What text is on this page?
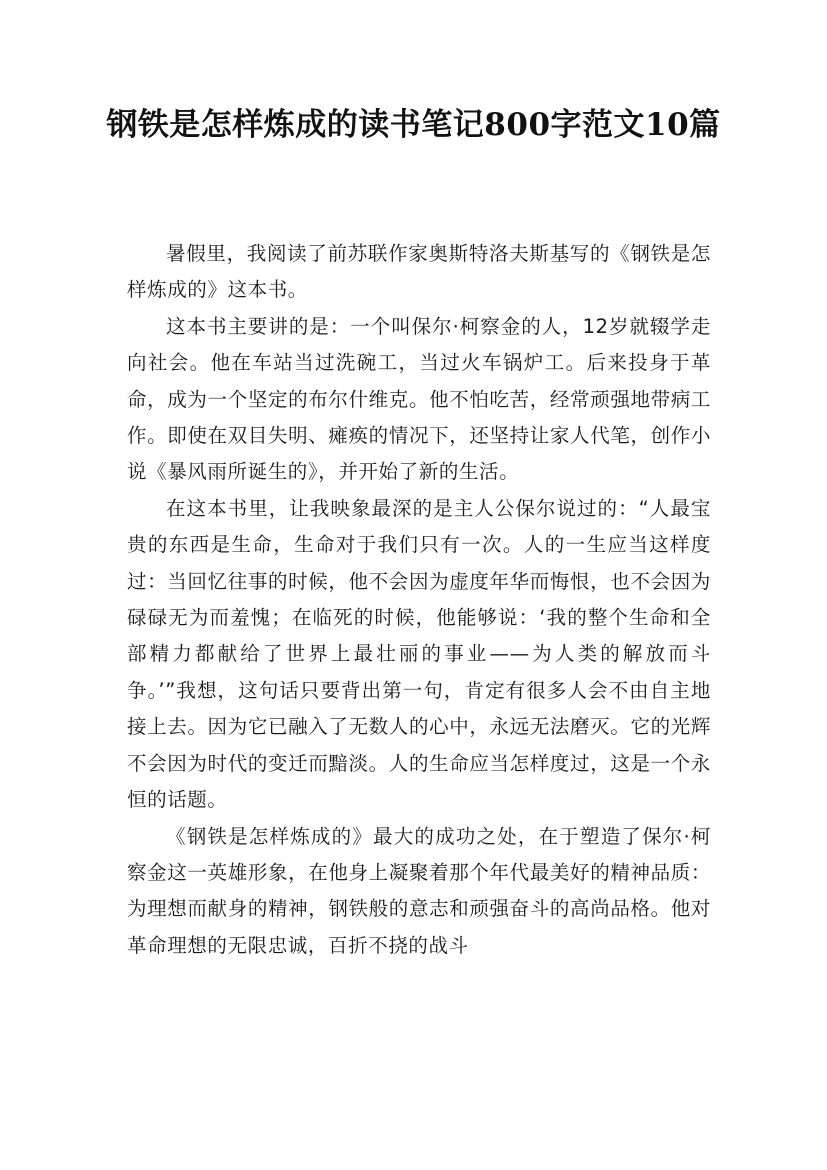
钢铁是怎样炼成的读书笔记800字范文10篇

暑假里，我阅读了前苏联作家奥斯特洛夫斯基写的《钢铁是怎样炼成的》这本书。

这本书主要讲的是：一个叫保尔·柯察金的人，12岁就辍学走向社会。他在车站当过洗碗工，当过火车锅炉工。后来投身于革命，成为一个坚定的布尔什维克。他不怕吃苦，经常顽强地带病工作。即使在双目失明、瘫痪的情况下，还坚持让家人代笔，创作小说《暴风雨所诞生的》，并开始了新的生活。

在这本书里，让我映象最深的是主人公保尔说过的：“人最宝贵的东西是生命，生命对于我们只有一次。人的一生应当这样度过：当回忆往事的时候，他不会因为虚度年华而悔恨，也不会因为碌碌无为而羞愧；在临死的时候，他能够说：‘我的整个生命和全部精力都献给了世界上最壮丽的事业——为人类的解放而斗争。’”我想，这句话只要背出第一句，肯定有很多人会不由自主地接上去。因为它已融入了无数人的心中，永远无法磨灭。它的光辉不会因为时代的变迁而黯淡。人的生命应当怎样度过，这是一个永恒的话题。

《钢铁是怎样炼成的》最大的成功之处，在于塑造了保尔·柯察金这一英雄形象，在他身上凝聚着那个年代最美好的精神品质：为理想而献身的精神，钢铁般的意志和顽强奋斗的高尚品格。他对革命理想的无限忠诚，百折不挠的战斗
